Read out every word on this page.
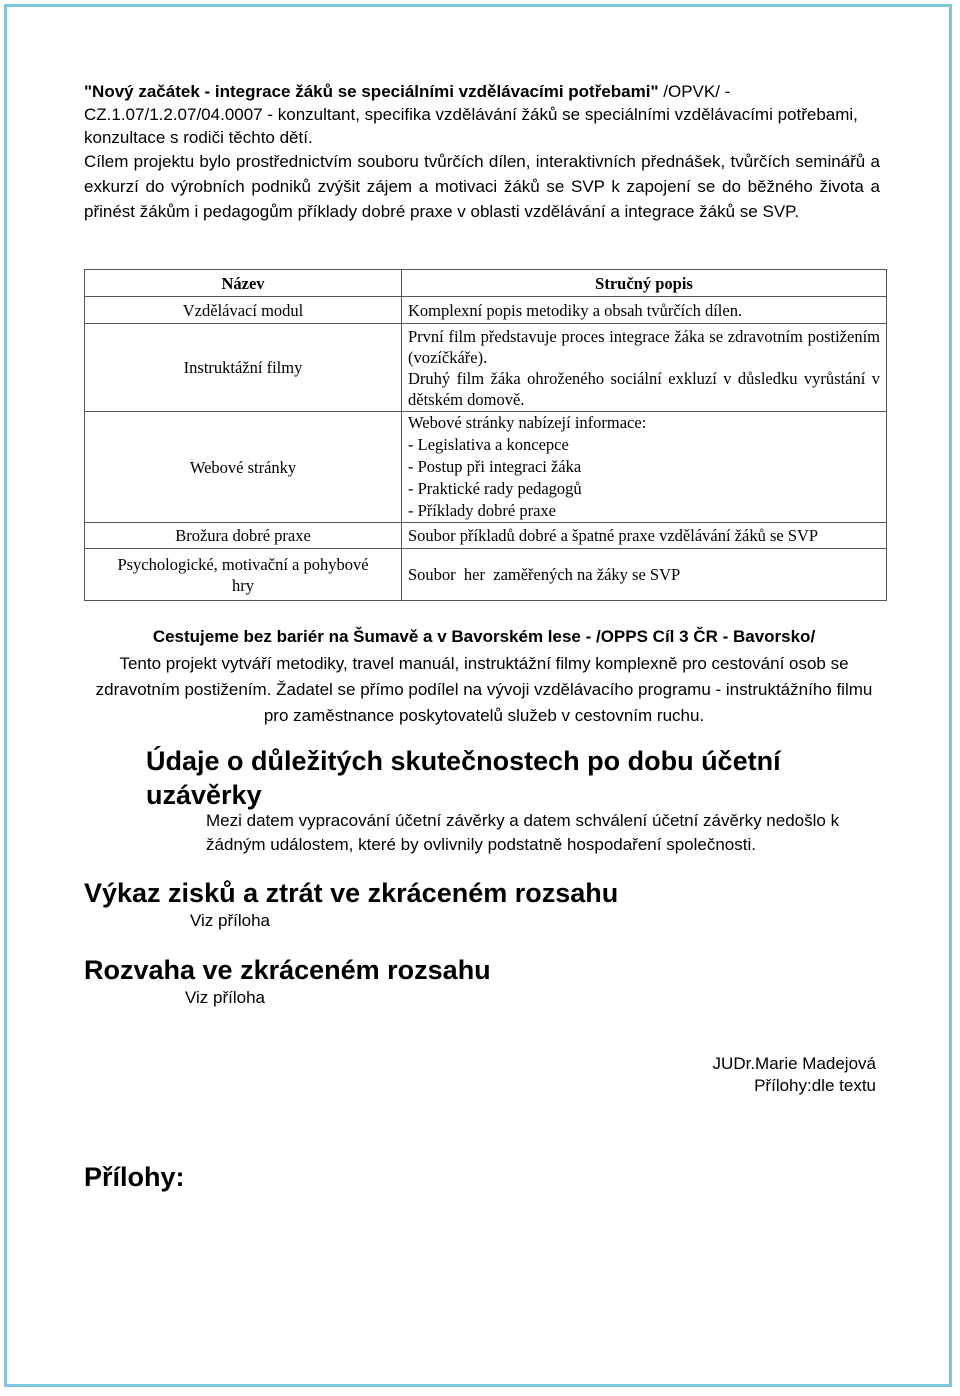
"Nový začátek - integrace žáků se speciálními vzdělávacími potřebami" /OPVK/ - CZ.1.07/1.2.07/04.0007 - konzultant, specifika vzdělávání žáků se speciálními vzdělávacími potřebami, konzultace s rodiči těchto dětí.
Cílem projektu bylo prostřednictvím souboru tvůrčích dílen, interaktivních přednášek, tvůrčích seminářů a exkurzí do výrobních podniků zvýšit zájem a motivaci žáků se SVP k zapojení se do běžného života a přinést žákům i pedagogům příklady dobré praxe v oblasti vzdělávání a integrace žáků se SVP.
Název	Stručný popis
Vzdělávací modul	Komplexní popis metodiky a obsah tvůrčích dílen.

Instruktážní filmy	První film představuje proces integrace žáka se zdravotním postižením (vozíčkáře).
Druhý film žáka ohroženého sociální exkluzí v důsledku vyrůstání v dětském domově.

Webové stránky	Webové stránky nabízejí informace:
- Legislativa a koncepce
- Postup při integraci žáka
- Praktické rady pedagogů
- Příklady dobré praxe

Brožura dobré praxe	Soubor příkladů dobré a špatné praxe vzdělávání žáků se SVP

Psychologické, motivační a pohybové hry	Soubor  her  zaměřených na žáky se SVP
Cestujeme bez bariér na Šumavě a v Bavorském lese - /OPPS Cíl 3 ČR - Bavorsko/
Tento projekt vytváří metodiky, travel manuál, instruktážní filmy komplexně pro cestování osob se zdravotním postižením. Žadatel se přímo podílel na vývoji vzdělávacího programu - instruktážního filmu pro zaměstnance poskytovatelů služeb v cestovním ruchu.
Údaje o důležitých skutečnostech po dobu účetní uzávěrky
Mezi datem vypracování účetní závěrky a datem schválení účetní závěrky nedošlo k žádným událostem, které by ovlivnily podstatně hospodaření společnosti.
Výkaz zisků a ztrát ve zkráceném rozsahu
Viz příloha
Rozvaha ve zkráceném rozsahu
Viz příloha
JUDr.Marie Madejová
Přílohy:dle textu
Přílohy:
